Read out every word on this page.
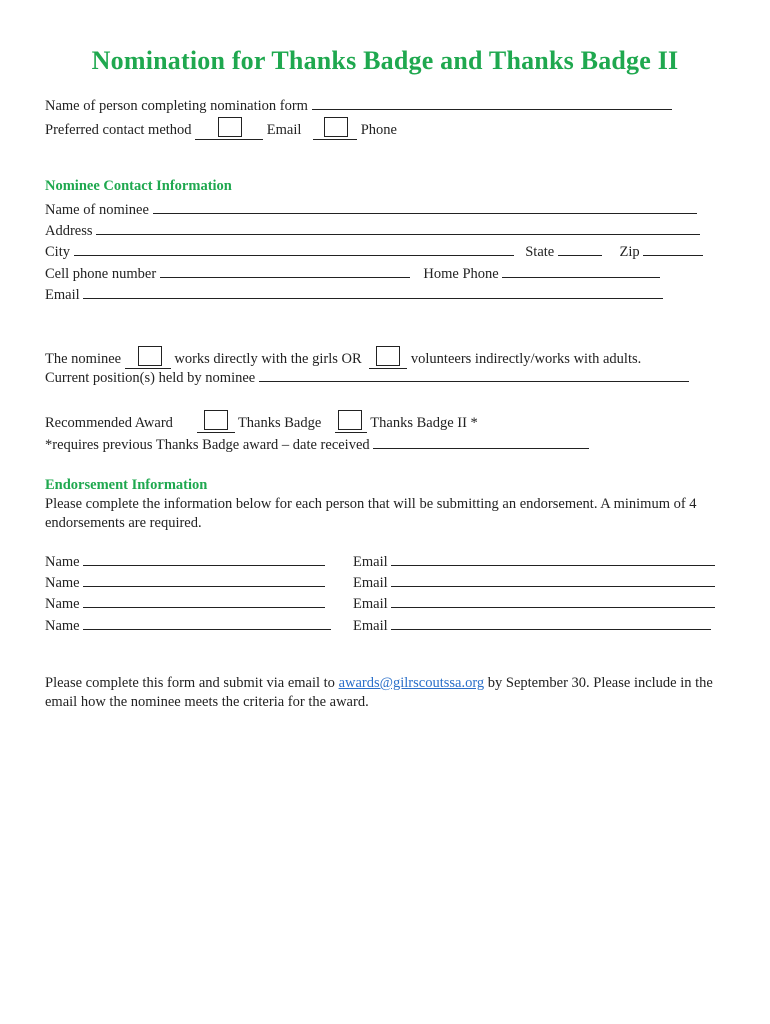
Nomination for Thanks Badge and Thanks Badge II
Name of person completing nomination form
Preferred contact method	Email	Phone
Nominee Contact Information
Name of nominee
Address
City	State	Zip
Cell phone number	Home Phone
Email
The nominee	works directly with the girls OR	volunteers indirectly/works with adults.
Current position(s) held by nominee
Recommended Award	Thanks Badge	Thanks Badge II *
*requires previous Thanks Badge award – date received
Endorsement Information
Please complete the information below for each person that will be submitting an endorsement. A minimum of 4 endorsements are required.
Name	Email
Name	Email
Name	Email
Name	Email
Please complete this form and submit via email to awards@gilrscoutssa.org by September 30. Please include in the email how the nominee meets the criteria for the award.
